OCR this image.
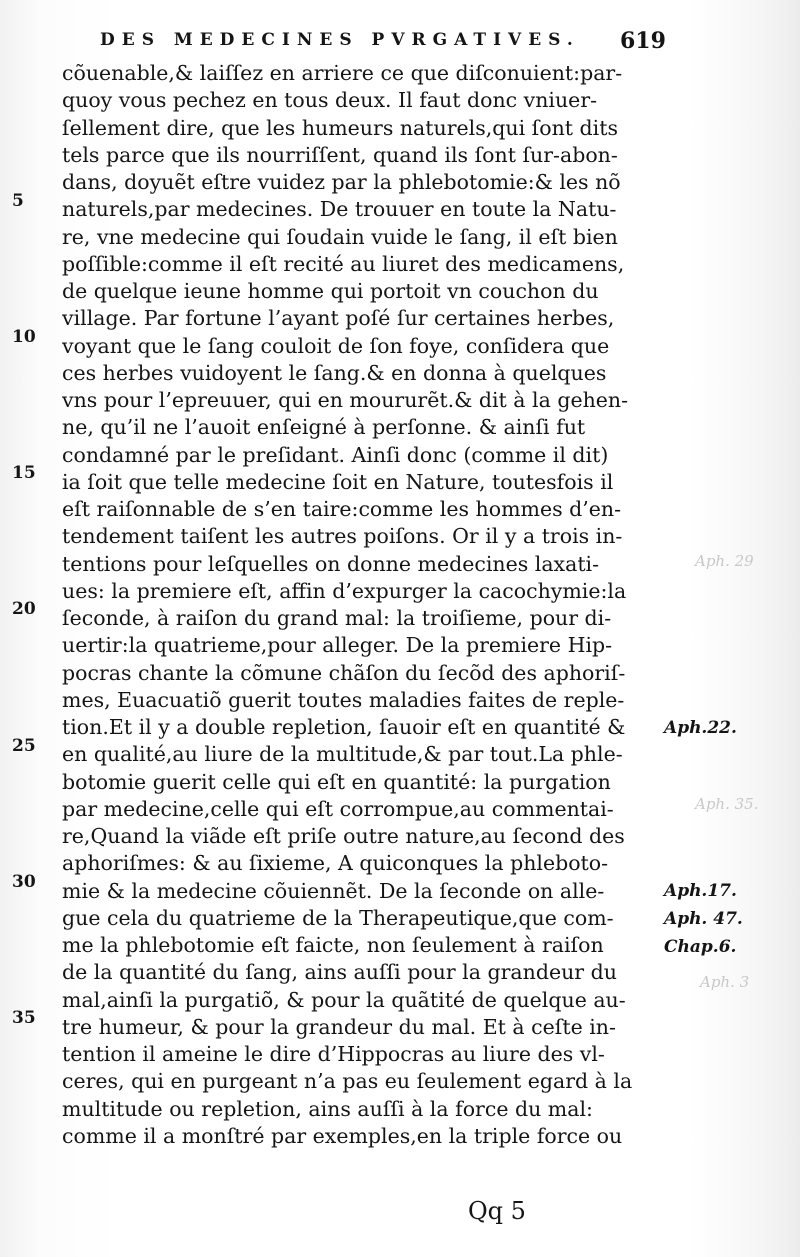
DES MEDECINES PVRGATIVES.	619
5
10
15
20
25
30
35
cõuenable,& laiſſez en arriere ce que diſconuient:par-
quoy vous pechez en tous deux. Il faut donc vniuer-
ſellement dire, que les humeurs naturels,qui ſont dits
tels parce que ils nourriſſent, quand ils ſont ſur-abon-
dans, doyuẽt eſtre vuidez par la phlebotomie:& les nõ
naturels,par medecines. De trouuer en toute la Natu-
re, vne medecine qui ſoudain vuide le ſang, il eſt bien
poſſible:comme il eſt recité au liuret des medicamens,
de quelque ieune homme qui portoit vn couchon du
village. Par fortune l’ayant poſé ſur certaines herbes,
voyant que le ſang couloit de ſon foye, conſidera que
ces herbes vuidoyent le ſang.& en donna à quelques
vns pour l’epreuuer, qui en moururẽt.& dit à la gehen-
ne, qu’il ne l’auoit enſeigné à perſonne. & ainſi fut
condamné par le preſidant. Ainſi donc (comme il dit)
ia ſoit que telle medecine ſoit en Nature, toutesfois il
eſt raiſonnable de s’en taire:comme les hommes d’en-
tendement taiſent les autres poiſons. Or il y a trois in-
tentions pour leſquelles on donne medecines laxati-
ues: la premiere eſt, affin d’expurger la cacochymie:la
ſeconde, à raiſon du grand mal: la troiſieme, pour di-
uertir:la quatrieme,pour alleger. De la premiere Hip-
pocras chante la cõmune chãſon du ſecõd des aphoriſ-
mes, Euacuatiõ guerit toutes maladies faites de reple-
tion.Et il y a double repletion, ſauoir eſt en quantité &
en qualité,au liure de la multitude,& par tout.La phle-
botomie guerit celle qui eſt en quantité: la purgation
par medecine,celle qui eſt corrompue,au commentai-
re,Quand la viãde eſt priſe outre nature,au ſecond des
aphoriſmes: & au ſixieme, A quiconques la phleboto-
mie & la medecine cõuiennẽt. De la ſeconde on alle-
gue cela du quatrieme de la Therapeutique,que com-
me la phlebotomie eſt faicte, non ſeulement à raiſon
de la quantité du ſang, ains auſſi pour la grandeur du
mal,ainſi la purgatiõ, & pour la quãtité de quelque au-
tre humeur, & pour la grandeur du mal. Et à ceſte in-
tention il ameine le dire d’Hippocras au liure des vl-
ceres, qui en purgeant n’a pas eu ſeulement egard à la
multitude ou repletion, ains auſſi à la force du mal:
comme il a monſtré par exemples,en la triple force ou
Aph.22.
Aph.17.
Aph. 47.
Chap.6.
Aph. 29
Aph. 35.
Aph. 3
Qq 5
